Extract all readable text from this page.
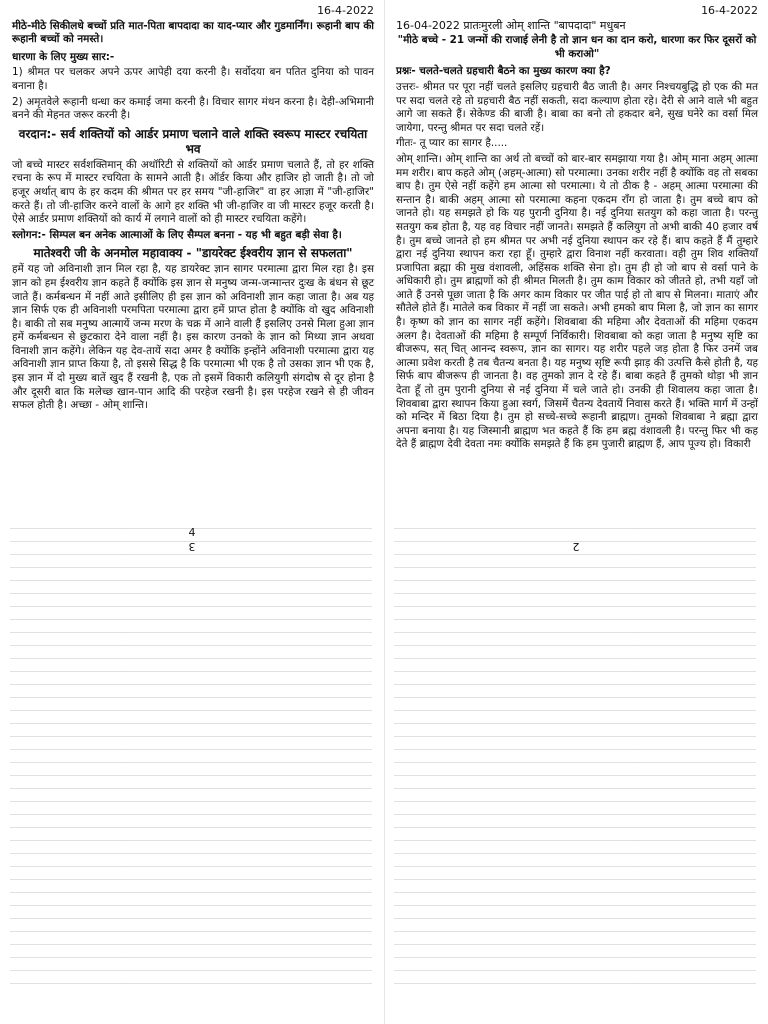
16-4-2022
मीठे-मीठे सिकीलधे बच्चों प्रति मात-पिता बापदादा का याद-प्यार और गुडमार्निंग। रूहानी बाप की रूहानी बच्चों को नमस्ते।
धारणा के लिए मुख्य सार:-
1) श्रीमत पर चलकर अपने ऊपर आपेही दया करनी है। सर्वोदया बन पतित दुनिया को पावन बनाना है।
2) अमृतवेले रूहानी धन्धा कर कमाई जमा करनी है। विचार सागर मंथन करना है। देही-अभिमानी बनने की मेहनत जरूर करनी है।
वरदान:- सर्व शक्तियों को आर्डर प्रमाण चलाने वाले शक्ति स्वरूप मास्टर रचयिता भव
जो बच्चे मास्टर सर्वशक्तिमान् की अथॉरिटी से शक्तियों को आर्डर प्रमाण चलाते हैं, तो हर शक्ति रचना के रूप में मास्टर रचयिता के सामने आती है। ऑर्डर किया और हाजिर हो जाती है। तो जो हजूर अर्थात् बाप के हर कदम की श्रीमत पर हर समय "जी-हाजिर" वा हर आज्ञा में "जी-हाजिर" करते हैं। तो जी-हाजिर करने वालों के आगे हर शक्ति भी जी-हाजिर वा जी मास्टर हजूर करती है। ऐसे आर्डर प्रमाण शक्तियों को कार्य में लगाने वालों को ही मास्टर रचयिता कहेंगे।
स्लोगन:- सिम्पल बन अनेक आत्माओं के लिए सैम्पल बनना - यह भी बहुत बड़ी सेवा है।
मातेश्वरी जी के अनमोल महावाक्य - "डायरेक्ट ईश्वरीय ज्ञान से सफलता"
हमें यह जो अविनाशी ज्ञान मिल रहा है, यह डायरेक्ट ज्ञान सागर परमात्मा द्वारा मिल रहा है। इस ज्ञान को हम ईश्वरीय ज्ञान कहते हैं क्योंकि इस ज्ञान से मनुष्य जन्म-जन्मान्तर दुःख के बंधन से छूट जाते हैं। कर्मबन्धन में नहीं आते इसीलिए ही इस ज्ञान को अविनाशी ज्ञान कहा जाता है। अब यह ज्ञान सिर्फ एक ही अविनाशी परमपिता परमात्मा द्वारा हमें प्राप्त होता है क्योंकि वो खुद अविनाशी है। बाकी तो सब मनुष्य आत्मायें जन्म मरण के चक्र में आने वाली हैं इसलिए उनसे मिला हुआ ज्ञान हमें कर्मबन्धन से छुटकारा देने वाला नहीं है। इस कारण उनको के ज्ञान को मिथ्या ज्ञान अथवा विनाशी ज्ञान कहेंगे। लेकिन यह देव-तायें सदा अमर है क्योंकि इन्होंने अविनाशी परमात्मा द्वारा यह अविनाशी ज्ञान प्राप्त किया है, तो इससे सिद्ध है कि परमात्मा भी एक है तो उसका ज्ञान भी एक है, इस ज्ञान में दो मुख्य बातें खुद हैं रखनी है, एक तो इसमें विकारी कलियुगी संगदोष से दूर होना है और दूसरी बात कि मलेच्छ खान-पान आदि की परहेज रखनी है। इस परहेज रखने से ही जीवन सफल होती है। अच्छा - ओम् शान्ति।
16-4-2022
16-04-2022 प्रातःमुरली ओम् शान्ति "बापदादा" मधुबन
"मीठे बच्चे - 21 जन्मों की राजाई लेनी है तो ज्ञान धन का दान करो, धारणा कर फिर दूसरों को भी कराओ"
प्रश्नः- चलते-चलते ग्रहचारी बैठने का मुख्य कारण क्या है?
उत्तरः- श्रीमत पर पूरा नहीं चलते इसलिए ग्रहचारी बैठ जाती है। अगर निश्चयबुद्धि हो एक की मत पर सदा चलते रहे तो ग्रहचारी बैठ नहीं सकती, सदा कल्याण होता रहे। देरी से आने वाले भी बहुत आगे जा सकते हैं। सेकेण्ड की बाजी है। बाबा का बनो तो हकदार बने, सुख घनेरे का वर्सा मिल जायेगा, परन्तु श्रीमत पर सदा चलते रहें।
गीतः- तू प्यार का सागर है.....
ओम् शान्ति। ओम् शान्ति का अर्थ तो बच्चों को बार-बार समझाया गया है। ओम् माना अहम् आत्मा मम शरीर। बाप कहते ओम् (अहम्-आत्मा) सो परमात्मा। उनका शरीर नहीं है क्योंकि वह तो सबका बाप है। तुम ऐसे नहीं कहेंगे हम आत्मा सो परमात्मा। ये तो ठीक है - अहम् आत्मा परमात्मा की सन्तान है। बाकी अहम् आत्मा सो परमात्मा कहना एकदम राँग हो जाता है। तुम बच्चे बाप को जानते हो। यह समझते हो कि यह पुरानी दुनिया है। नई दुनिया सतयुग को कहा जाता है। परन्तु सतयुग कब होता है, यह वह विचार नहीं जानते। समझते हैं कलियुग तो अभी बाकी 40 हजार वर्ष है। तुम बच्चे जानते हो हम श्रीमत पर अभी नई दुनिया स्थापन कर रहे हैं। बाप कहते हैं मैं तुम्हारे द्वारा नई दुनिया स्थापन करा रहा हूँ। तुम्हारे द्वारा विनाश नहीं करवाता। वही तुम शिव शक्तियाँ प्रजापिता ब्रह्मा की मुख वंशावली, अहिंसक शक्ति सेना हो। तुम ही हो जो बाप से वर्सा पाने के अधिकारी हो। तुम ब्राह्मणों को ही श्रीमत मिलती है। तुम काम विकार को जीतते हो, तभी यहाँ जो आते हैं उनसे पूछा जाता है कि अगर काम विकार पर जीत पाई हो तो बाप से मिलना। माताएं और सौतेले होते हैं। मातेले कब विकार में नहीं जा सकते। अभी हमको बाप मिला है, जो ज्ञान का सागर है। कृष्ण को ज्ञान का सागर नहीं कहेंगे। शिवबाबा की महिमा और देवताओं की महिमा एकदम अलग है। देवताओं की महिमा है सम्पूर्ण निर्विकारी। शिवबाबा को कहा जाता है मनुष्य सृष्टि का बीजरूप, सत् चित् आनन्द स्वरूप, ज्ञान का सागर। यह शरीर पहले जड़ होता है फिर उनमें जब आत्मा प्रवेश करती है तब चैतन्य बनता है। यह मनुष्य सृष्टि रूपी झाड़ की उत्पत्ति कैसे होती है, यह सिर्फ बाप बीजरूप ही जानता है। वह तुमको ज्ञान दे रहे हैं। बाबा कहते हैं तुमको थोड़ा भी ज्ञान देता हूँ तो तुम पुरानी दुनिया से नई दुनिया में चले जाते हो। उनकी ही शिवालय कहा जाता है। शिवबाबा द्वारा स्थापन किया हुआ स्वर्ग, जिसमें चैतन्य देवतायें निवास करते हैं। भक्ति मार्ग में उन्हों को मन्दिर में बिठा दिया है। तुम हो सच्चे-सच्चे रूहानी ब्राह्मण। तुमको शिवबाबा ने ब्रह्मा द्वारा अपना बनाया है। यह जिस्मानी ब्राह्मण भत कहते हैं कि हम ब्रह्म वंशावली है। परन्तु फिर भी कह देते हैं ब्राह्मण देवी देवता नमः क्योंकि समझते हैं कि हम पुजारी ब्राह्मण हैं, आप पूज्य हो। विकारी
4
3	2
